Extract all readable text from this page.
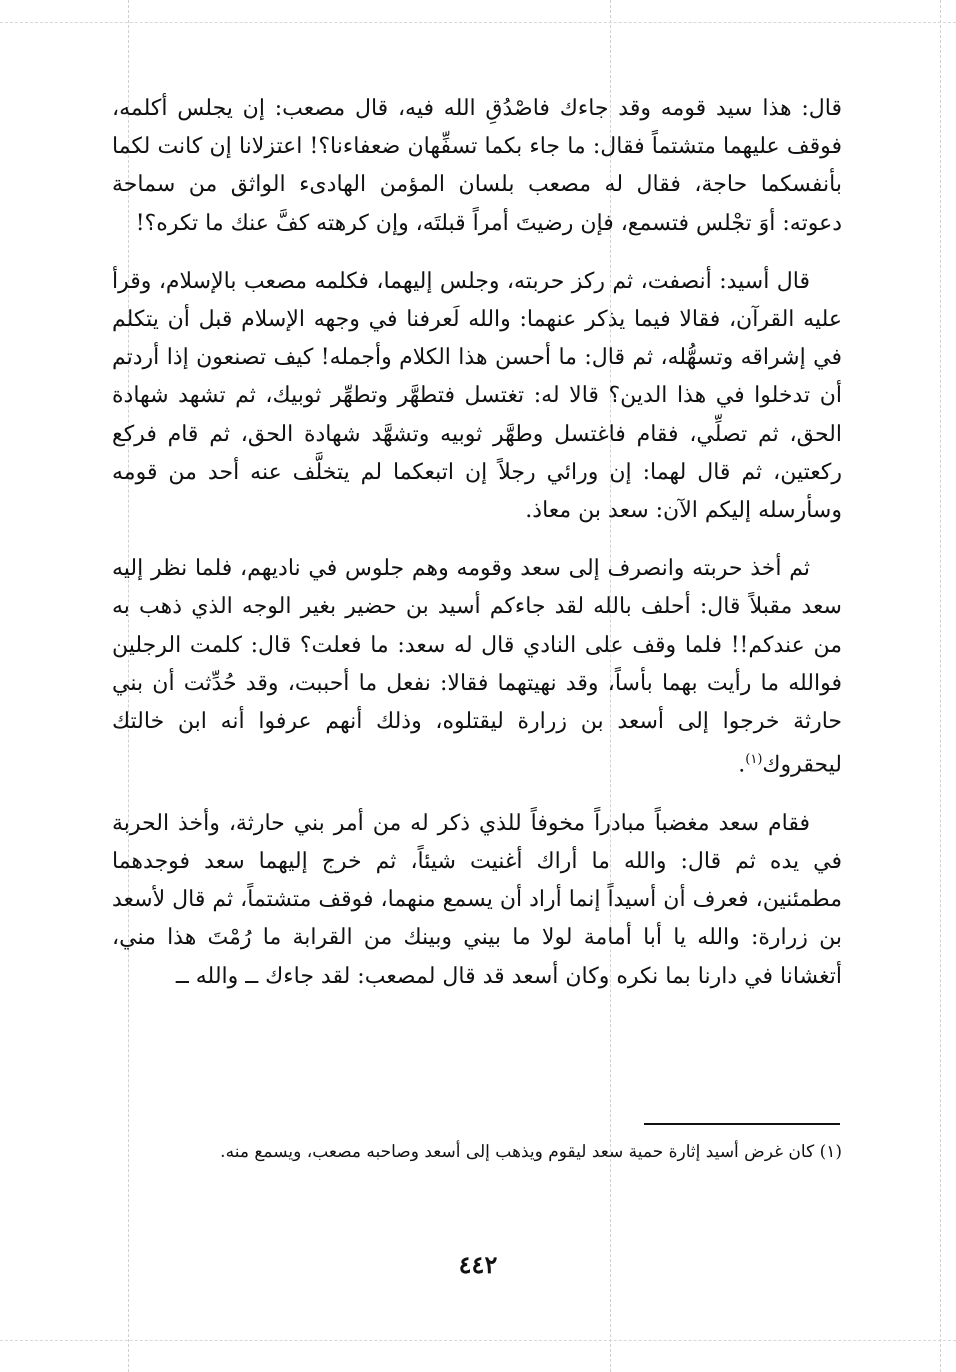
قال: هذا سيد قومه وقد جاءك فاصْدُقِ الله فيه، قال مصعب: إن يجلس أكلمه، فوقف عليهما متشتماً فقال: ما جاء بكما تسفِّهان ضعفاءنا؟! اعتزلانا إن كانت لكما بأنفسكما حاجة، فقال له مصعب بلسان المؤمن الهادىء الواثق من سماحة دعوته: أوَ تجْلس فتسمع، فإن رضيتَ أمراً قبلتَه، وإن كرهته كفَّ عنك ما تكره؟!

قال أسيد: أنصفت، ثم ركز حربته، وجلس إليهما، فكلمه مصعب بالإسلام، وقرأ عليه القرآن، فقالا فيما يذكر عنهما: والله لَعرفنا في وجهه الإسلام قبل أن يتكلم في إشراقه وتسهُّله، ثم قال: ما أحسن هذا الكلام وأجمله! كيف تصنعون إذا أردتم أن تدخلوا في هذا الدين؟ قالا له: تغتسل فتطهَّر وتطهِّر ثوبيك، ثم تشهد شهادة الحق، ثم تصلِّي، فقام فاغتسل وطهَّر ثوبيه وتشهَّد شهادة الحق، ثم قام فركع ركعتين، ثم قال لهما: إن ورائي رجلاً إن اتبعكما لم يتخلَّف عنه أحد من قومه وسأرسله إليكم الآن: سعد بن معاذ.

ثم أخذ حربته وانصرف إلى سعد وقومه وهم جلوس في ناديهم، فلما نظر إليه سعد مقبلاً قال: أحلف بالله لقد جاءكم أسيد بن حضير بغير الوجه الذي ذهب به من عندكم!! فلما وقف على النادي قال له سعد: ما فعلت؟ قال: كلمت الرجلين فوالله ما رأيت بهما بأساً، وقد نهيتهما فقالا: نفعل ما أحببت، وقد حُدِّثت أن بني حارثة خرجوا إلى أسعد بن زرارة ليقتلوه، وذلك أنهم عرفوا أنه ابن خالتك ليحقروك$^{(١)}$.

فقام سعد مغضباً مبادراً مخوفاً للذي ذكر له من أمر بني حارثة، وأخذ الحربة في يده ثم قال: والله ما أراك أغنيت شيئاً، ثم خرج إليهما سعد فوجدهما مطمئنين، فعرف أن أسيداً إنما أراد أن يسمع منهما، فوقف متشتماً، ثم قال لأسعد بن زرارة: والله يا أبا أمامة لولا ما بيني وبينك من القرابة ما رُمْتَ هذا مني، أتغشانا في دارنا بما نكره وكان أسعد قد قال لمصعب: لقد جاءك ــ والله ــ

(١) كان غرض أسيد إثارة حمية سعد ليقوم ويذهب إلى أسعد وصاحبه مصعب، ويسمع منه.
٤٤٢
